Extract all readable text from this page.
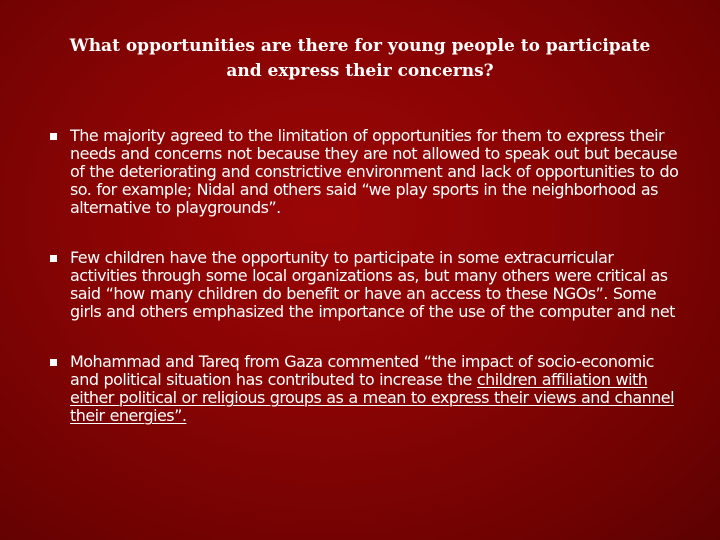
What opportunities are there for young people to participate
and express their concerns?
The majority agreed to the limitation of opportunities for them to express their needs and concerns not because they are not allowed to speak out but because of the deteriorating and constrictive environment and lack of opportunities to do so. for example; Nidal and others said “we play sports in the neighborhood as alternative to playgrounds”.
Few children have the opportunity to participate in some extracurricular activities through some local organizations as, but many others were critical as said “how many children do benefit or have an access to these NGOs”. Some girls and others emphasized the importance of the use of the computer and net
Mohammad and Tareq from Gaza commented “the impact of socio-economic and political situation has contributed to increase the children affiliation with either political or religious groups as a mean to express their views and channel their energies”.
